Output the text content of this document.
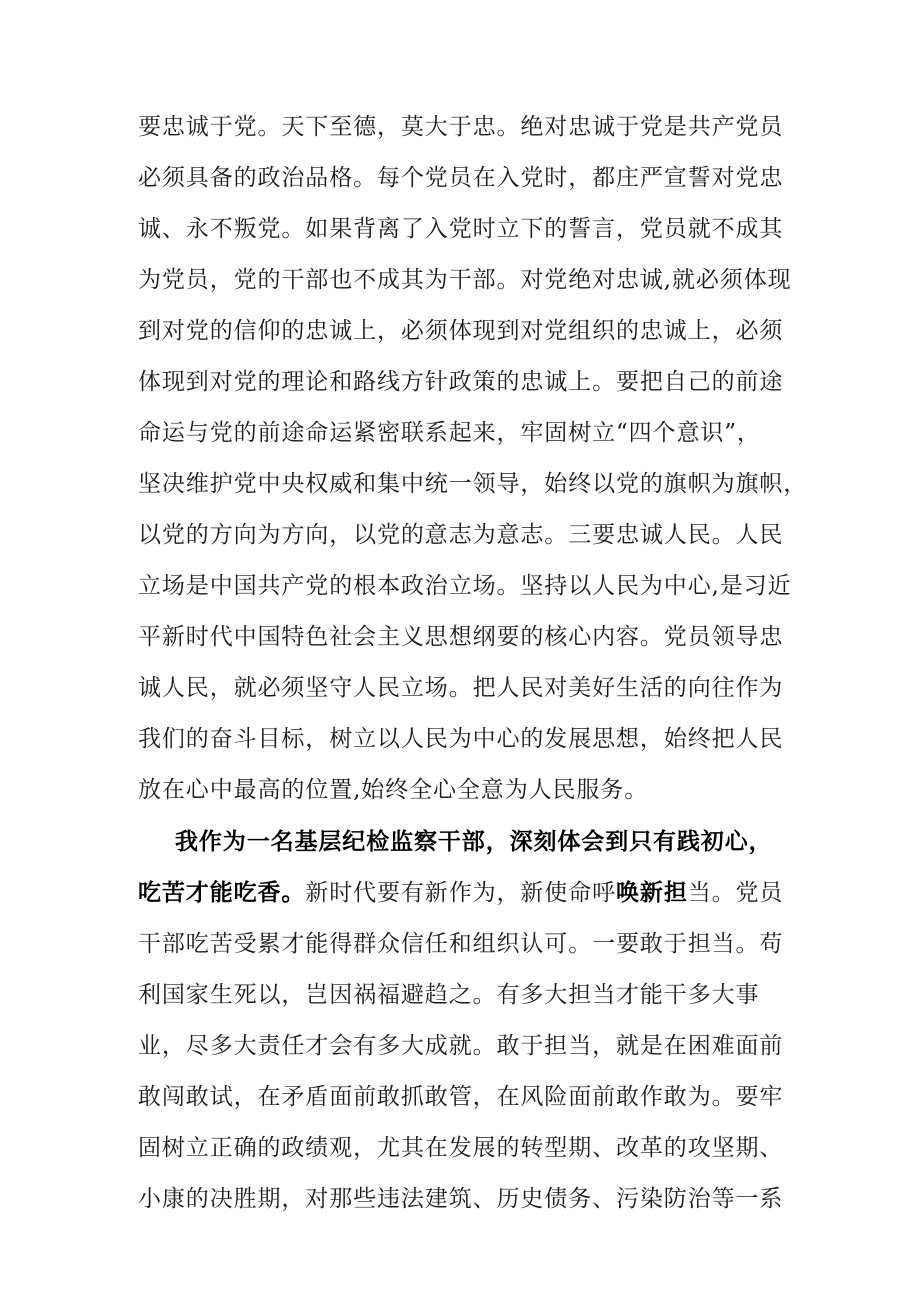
要忠诚于党。天下至德，莫大于忠。绝对忠诚于党是共产党员
必须具备的政治品格。每个党员在入党时，都庄严宣誓对党忠
诚、永不叛党。如果背离了入党时立下的誓言，党员就不成其
为党员，党的干部也不成其为干部。对党绝对忠诚,就必须体现
到对党的信仰的忠诚上，必须体现到对党组织的忠诚上，必须
体现到对党的理论和路线方针政策的忠诚上。要把自己的前途
命运与党的前途命运紧密联系起来，牢固树立“四个意识”，
坚决维护党中央权威和集中统一领导，始终以党的旗帜为旗帜，
以党的方向为方向，以党的意志为意志。三要忠诚人民。人民
立场是中国共产党的根本政治立场。坚持以人民为中心,是习近
平新时代中国特色社会主义思想纲要的核心内容。党员领导忠
诚人民，就必须坚守人民立场。把人民对美好生活的向往作为
我们的奋斗目标，树立以人民为中心的发展思想，始终把人民
放在心中最高的位置,始终全心全意为人民服务。
我作为一名基层纪检监察干部，深刻体会到只有践初心，
吃苦才能吃香。新时代要有新作为，新使命呼唤新担当。党员
干部吃苦受累才能得群众信任和组织认可。一要敢于担当。苟
利国家生死以，岂因祸福避趋之。有多大担当才能干多大事
业，尽多大责任才会有多大成就。敢于担当，就是在困难面前
敢闯敢试，在矛盾面前敢抓敢管，在风险面前敢作敢为。要牢
固树立正确的政绩观，尤其在发展的转型期、改革的攻坚期、
小康的决胜期，对那些违法建筑、历史债务、污染防治等一系
